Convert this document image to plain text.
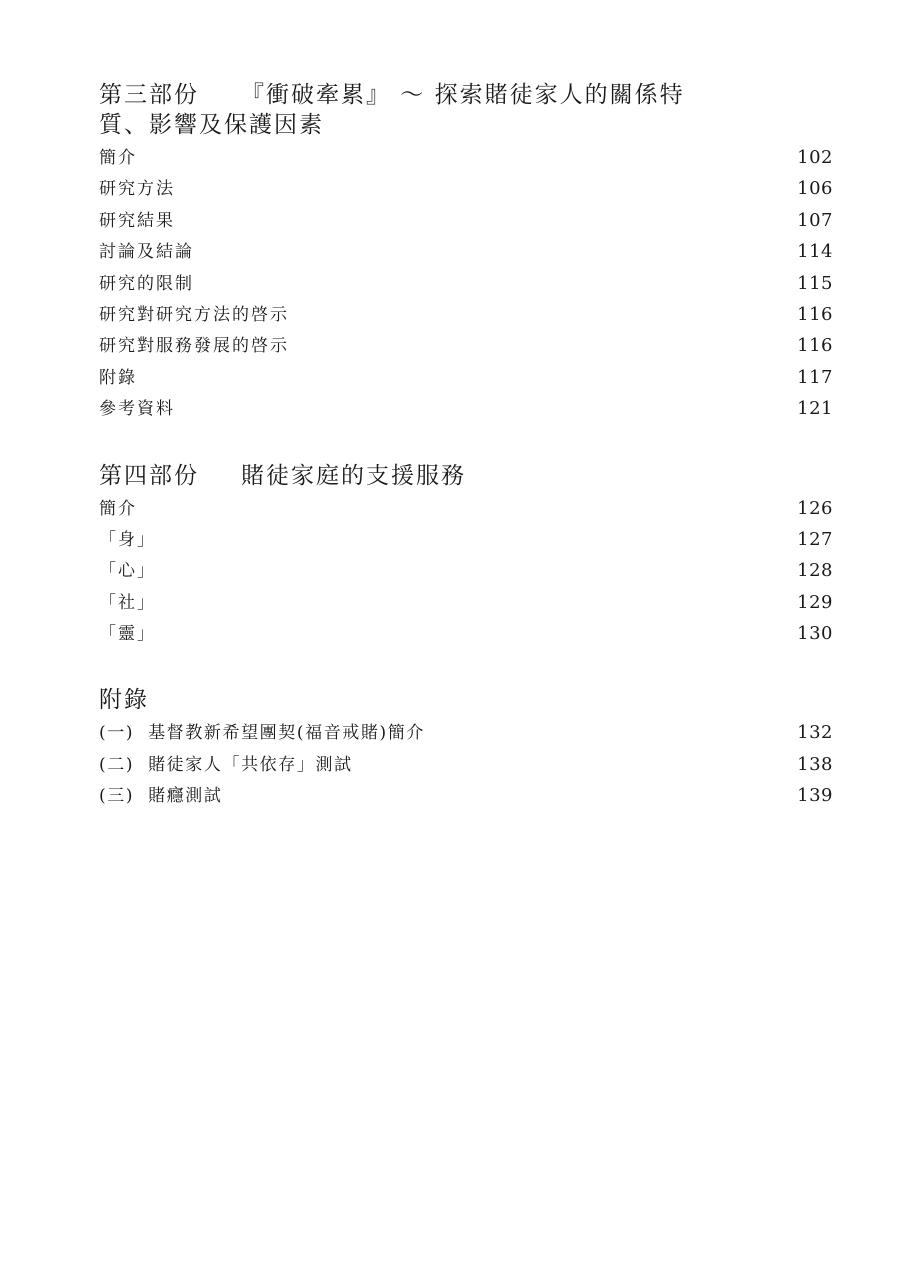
第三部份 『衝破牽累』 ～ 探索賭徒家人的關係特
質、影響及保護因素
簡介	102
研究方法	106
研究結果	107
討論及結論	114
研究的限制	115
研究對研究方法的啓示	116
研究對服務發展的啓示	116
附錄	117
參考資料	121
第四部份 賭徒家庭的支援服務
簡介	126
「身」	127
「心」	128
「社」	129
「靈」	130
附錄
(一) 基督教新希望團契(福音戒賭)簡介	132
(二) 賭徒家人「共依存」測試	138
(三) 賭癮測試	139
